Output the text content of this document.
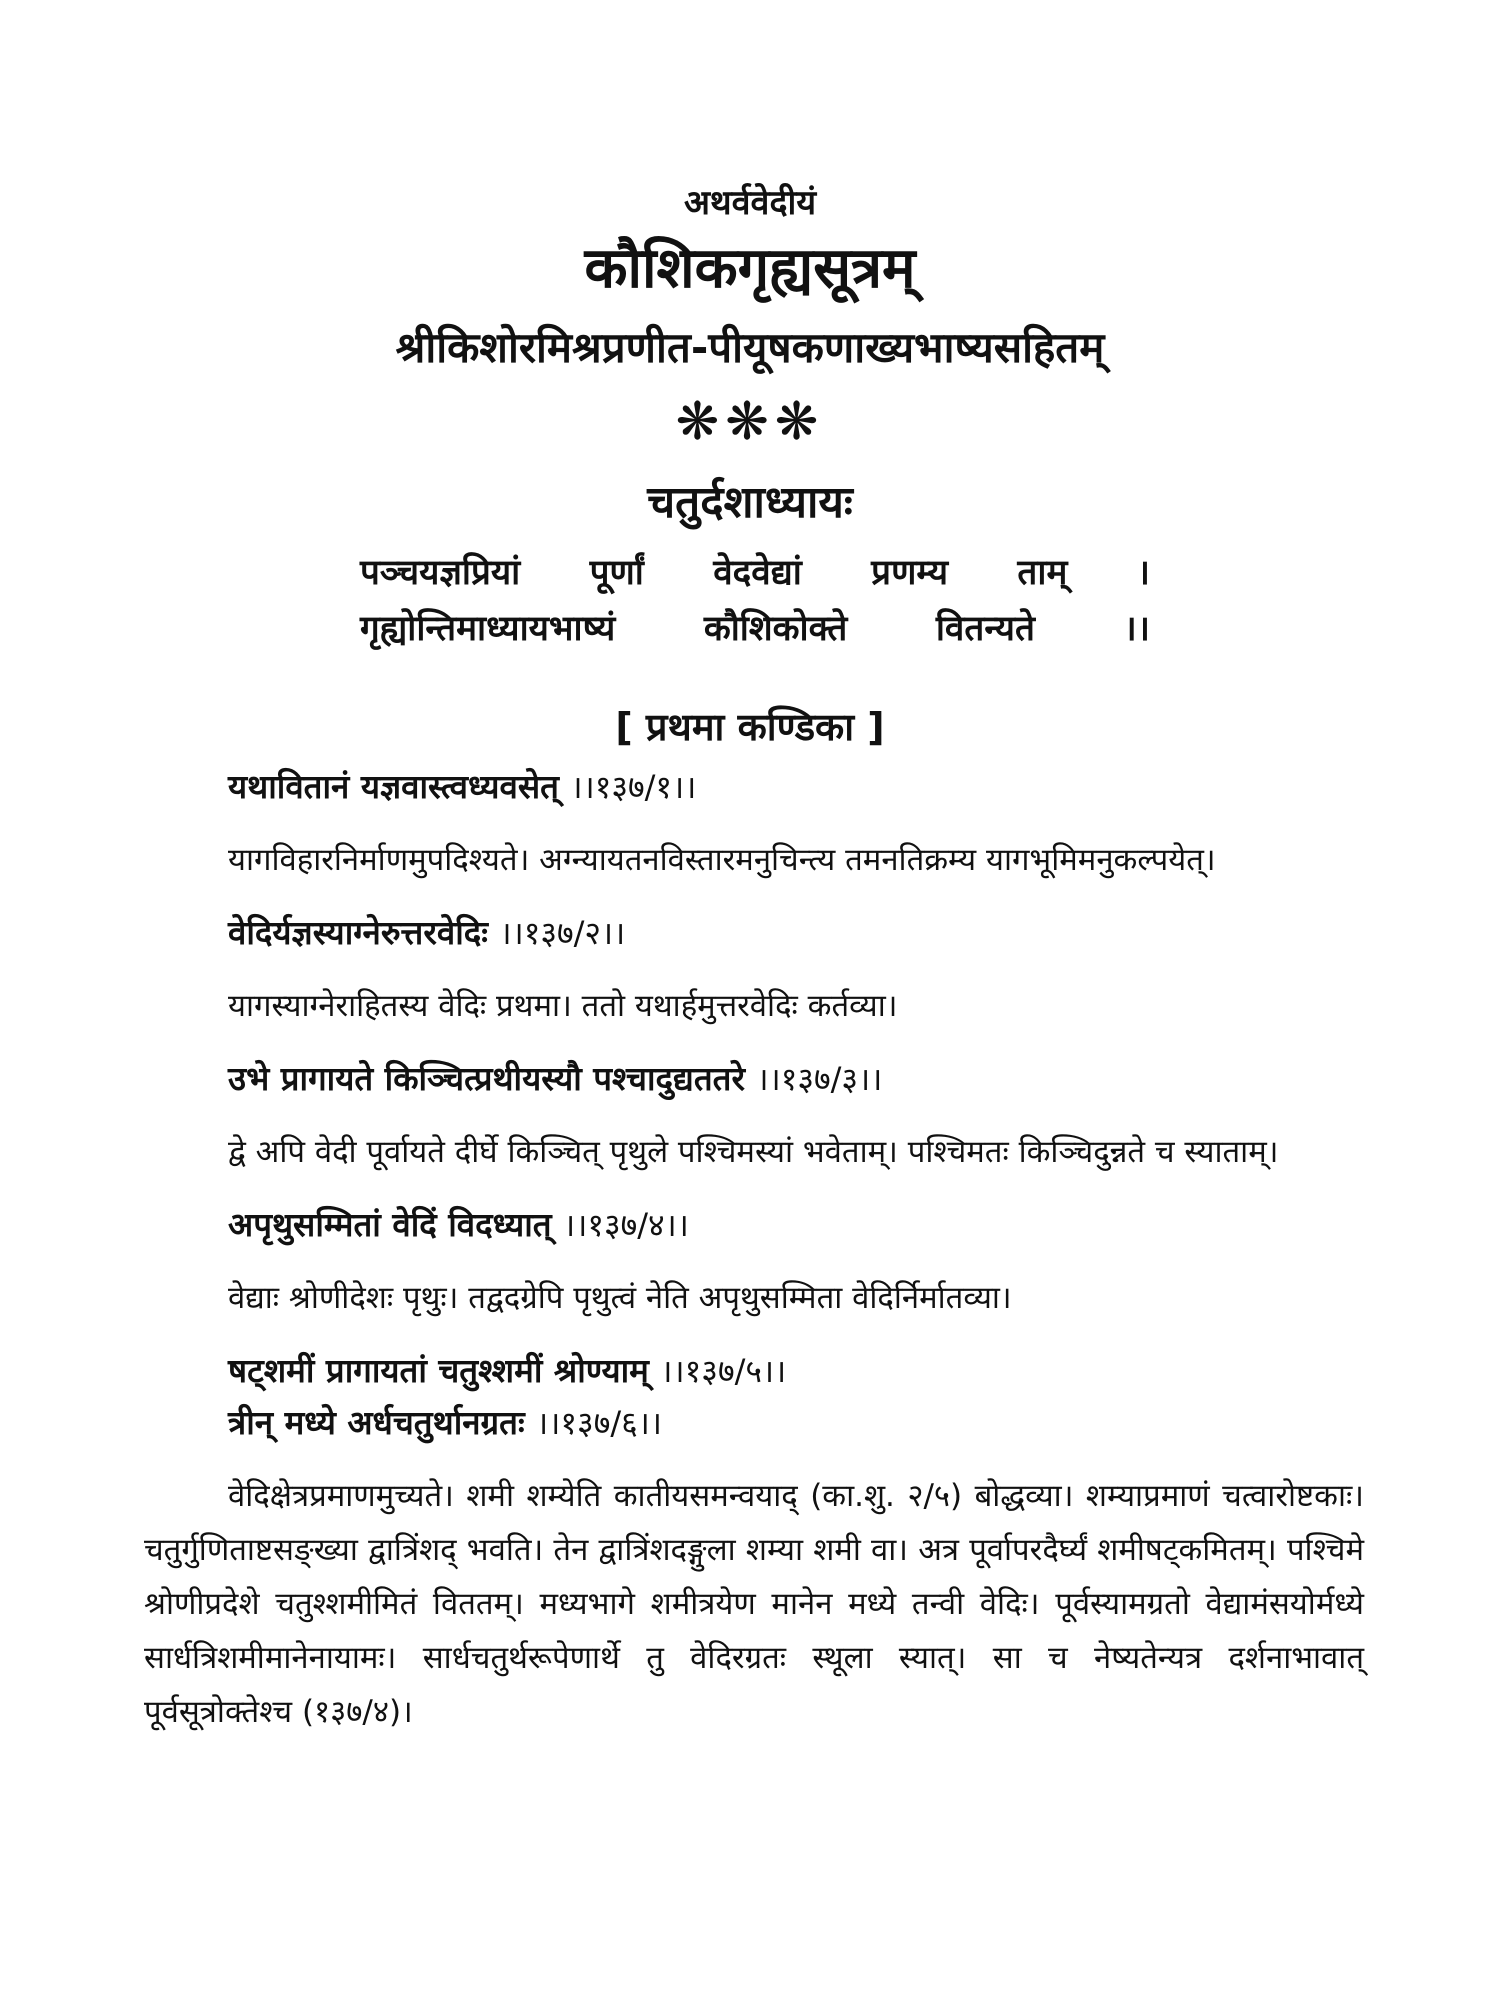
अथर्ववेदीयं
कौशिकगृह्यसूत्रम्
श्रीकिशोरमिश्रप्रणीत-पीयूषकणाख्यभाष्यसहितम्
❋❋❋
चतुर्दशाध्यायः
पञ्चयज्ञप्रियां पूर्णां वेदवेद्यां प्रणम्य ताम् ।
गृह्योन्तिमाध्यायभाष्यं कौशिकोक्ते वितन्यते ।।
[ प्रथमा कण्डिका ]
यथावितानं यज्ञवास्त्वध्यवसेत् ।।१३७/१।।
यागविहारनिर्माणमुपदिश्यते। अग्न्यायतनविस्तारमनुचिन्त्य तमनतिक्रम्य यागभूमिमनुकल्पयेत्।
वेदिर्यज्ञस्याग्नेरुत्तरवेदिः ।।१३७/२।।
यागस्याग्नेराहितस्य वेदिः प्रथमा। ततो यथार्हमुत्तरवेदिः कर्तव्या।
उभे प्रागायते किञ्चित्प्रथीयस्यौ पश्चादुद्यततरे ।।१३७/३।।
द्वे अपि वेदी पूर्वायते दीर्घे किञ्चित् पृथुले पश्चिमस्यां भवेताम्। पश्चिमतः किञ्चिदुन्नते च स्याताम्।
अपृथुसम्मितां वेदिं विदध्यात् ।।१३७/४।।
वेद्याः श्रोणीदेशः पृथुः। तद्वदग्रेपि पृथुत्वं नेति अपृथुसम्मिता वेदिर्निर्मातव्या।
षट्शमीं प्रागायतां चतुश्शमीं श्रोण्याम् ।।१३७/५।।
त्रीन् मध्ये अर्धचतुर्थानग्रतः ।।१३७/६।।
वेदिक्षेत्रप्रमाणमुच्यते। शमी शम्येति कातीयसमन्वयाद् (का.शु. २/५) बोद्धव्या। शम्याप्रमाणं चत्वारोष्टकाः। चतुर्गुणिताष्टसङ्ख्या द्वात्रिंशद् भवति। तेन द्वात्रिंशदङ्गुला शम्या शमी वा। अत्र पूर्वापरदैर्घ्यं शमीषट्कमितम्। पश्चिमे श्रोणीप्रदेशे चतुश्शमीमितं विततम्। मध्यभागे शमीत्रयेण मानेन मध्ये तन्वी वेदिः। पूर्वस्यामग्रतो वेद्यामंसयोर्मध्ये सार्धत्रिशमीमानेनायामः। सार्धचतुर्थरूपेणार्थे तु वेदिरग्रतः स्थूला स्यात्। सा च नेष्यतेन्यत्र दर्शनाभावात् पूर्वसूत्रोक्तेश्च (१३७/४)।
